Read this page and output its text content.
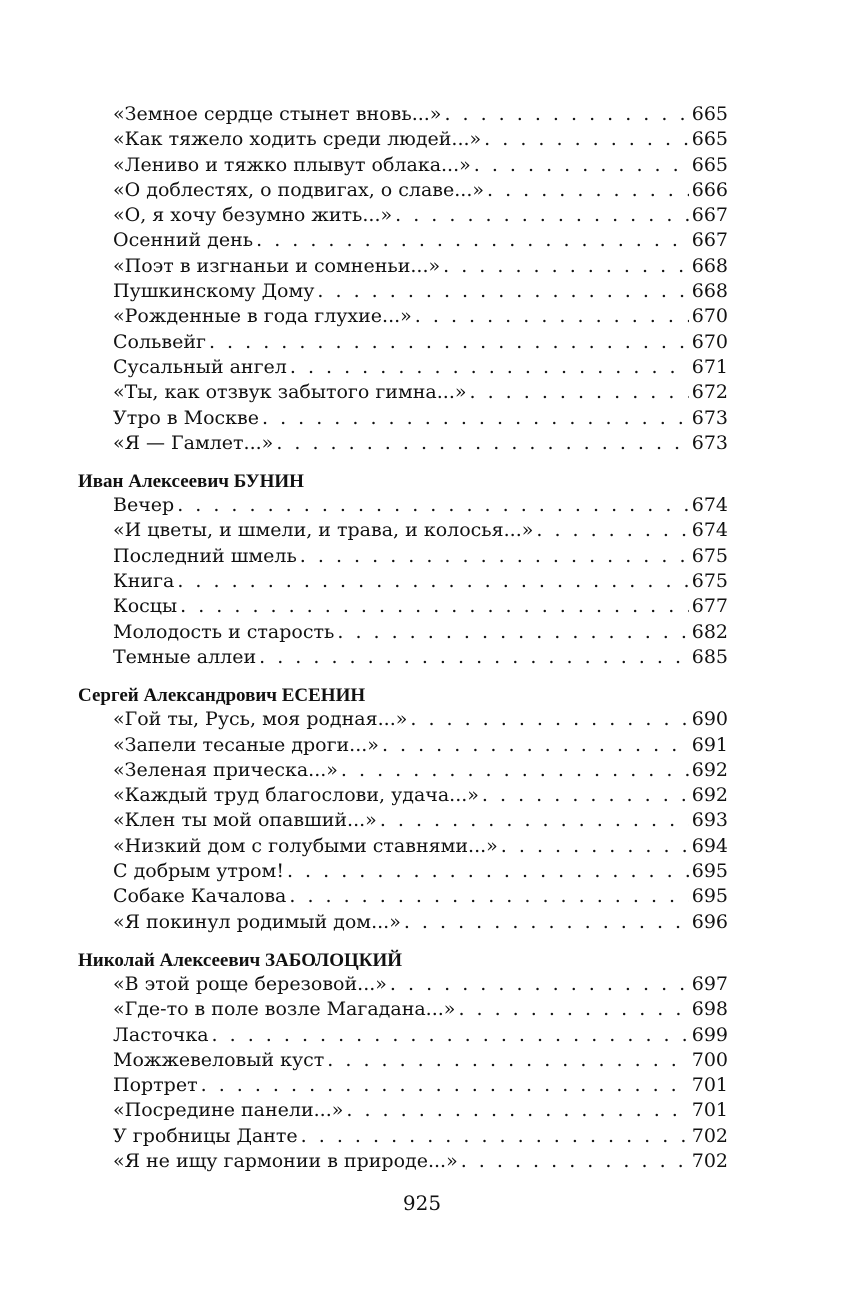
«Земное сердце стынет вновь...» . . .	665
«Как тяжело ходить среди людей...» . . .	665
«Лениво и тяжко плывут облака...» . . .	665
«О доблестях, о подвигах, о славе...» . . .	666
«О, я хочу безумно жить...» . . .	667
Осенний день . . .	667
«Поэт в изгнаньи и сомненьи...» . . .	668
Пушкинскому Дому . . .	668
«Рожденные в года глухие...» . . .	670
Сольвейг . . .	670
Сусальный ангел . . .	671
«Ты, как отзвук забытого гимна...» . . .	672
Утро в Москве . . .	673
«Я — Гамлет...» . . .	673
Иван Алексеевич БУНИН
Вечер . . .	674
«И цветы, и шмели, и трава, и колосья...» . . .	674
Последний шмель . . .	675
Книга . . .	675
Косцы . . .	677
Молодость и старость . . .	682
Темные аллеи . . .	685
Сергей Александрович ЕСЕНИН
«Гой ты, Русь, моя родная...» . . .	690
«Запели тесаные дроги...» . . .	691
«Зеленая прическа...» . . .	692
«Каждый труд благослови, удача...» . . .	692
«Клен ты мой опавший...» . . .	693
«Низкий дом с голубыми ставнями...» . . .	694
С добрым утром! . . .	695
Собаке Качалова . . .	695
«Я покинул родимый дом...» . . .	696
Николай Алексеевич ЗАБОЛОЦКИЙ
«В этой роще березовой...» . . .	697
«Где-то в поле возле Магадана...» . . .	698
Ласточка . . .	699
Можжевеловый куст . . .	700
Портрет . . .	701
«Посредине панели...» . . .	701
У гробницы Данте . . .	702
«Я не ищу гармонии в природе...» . . .	702
925
